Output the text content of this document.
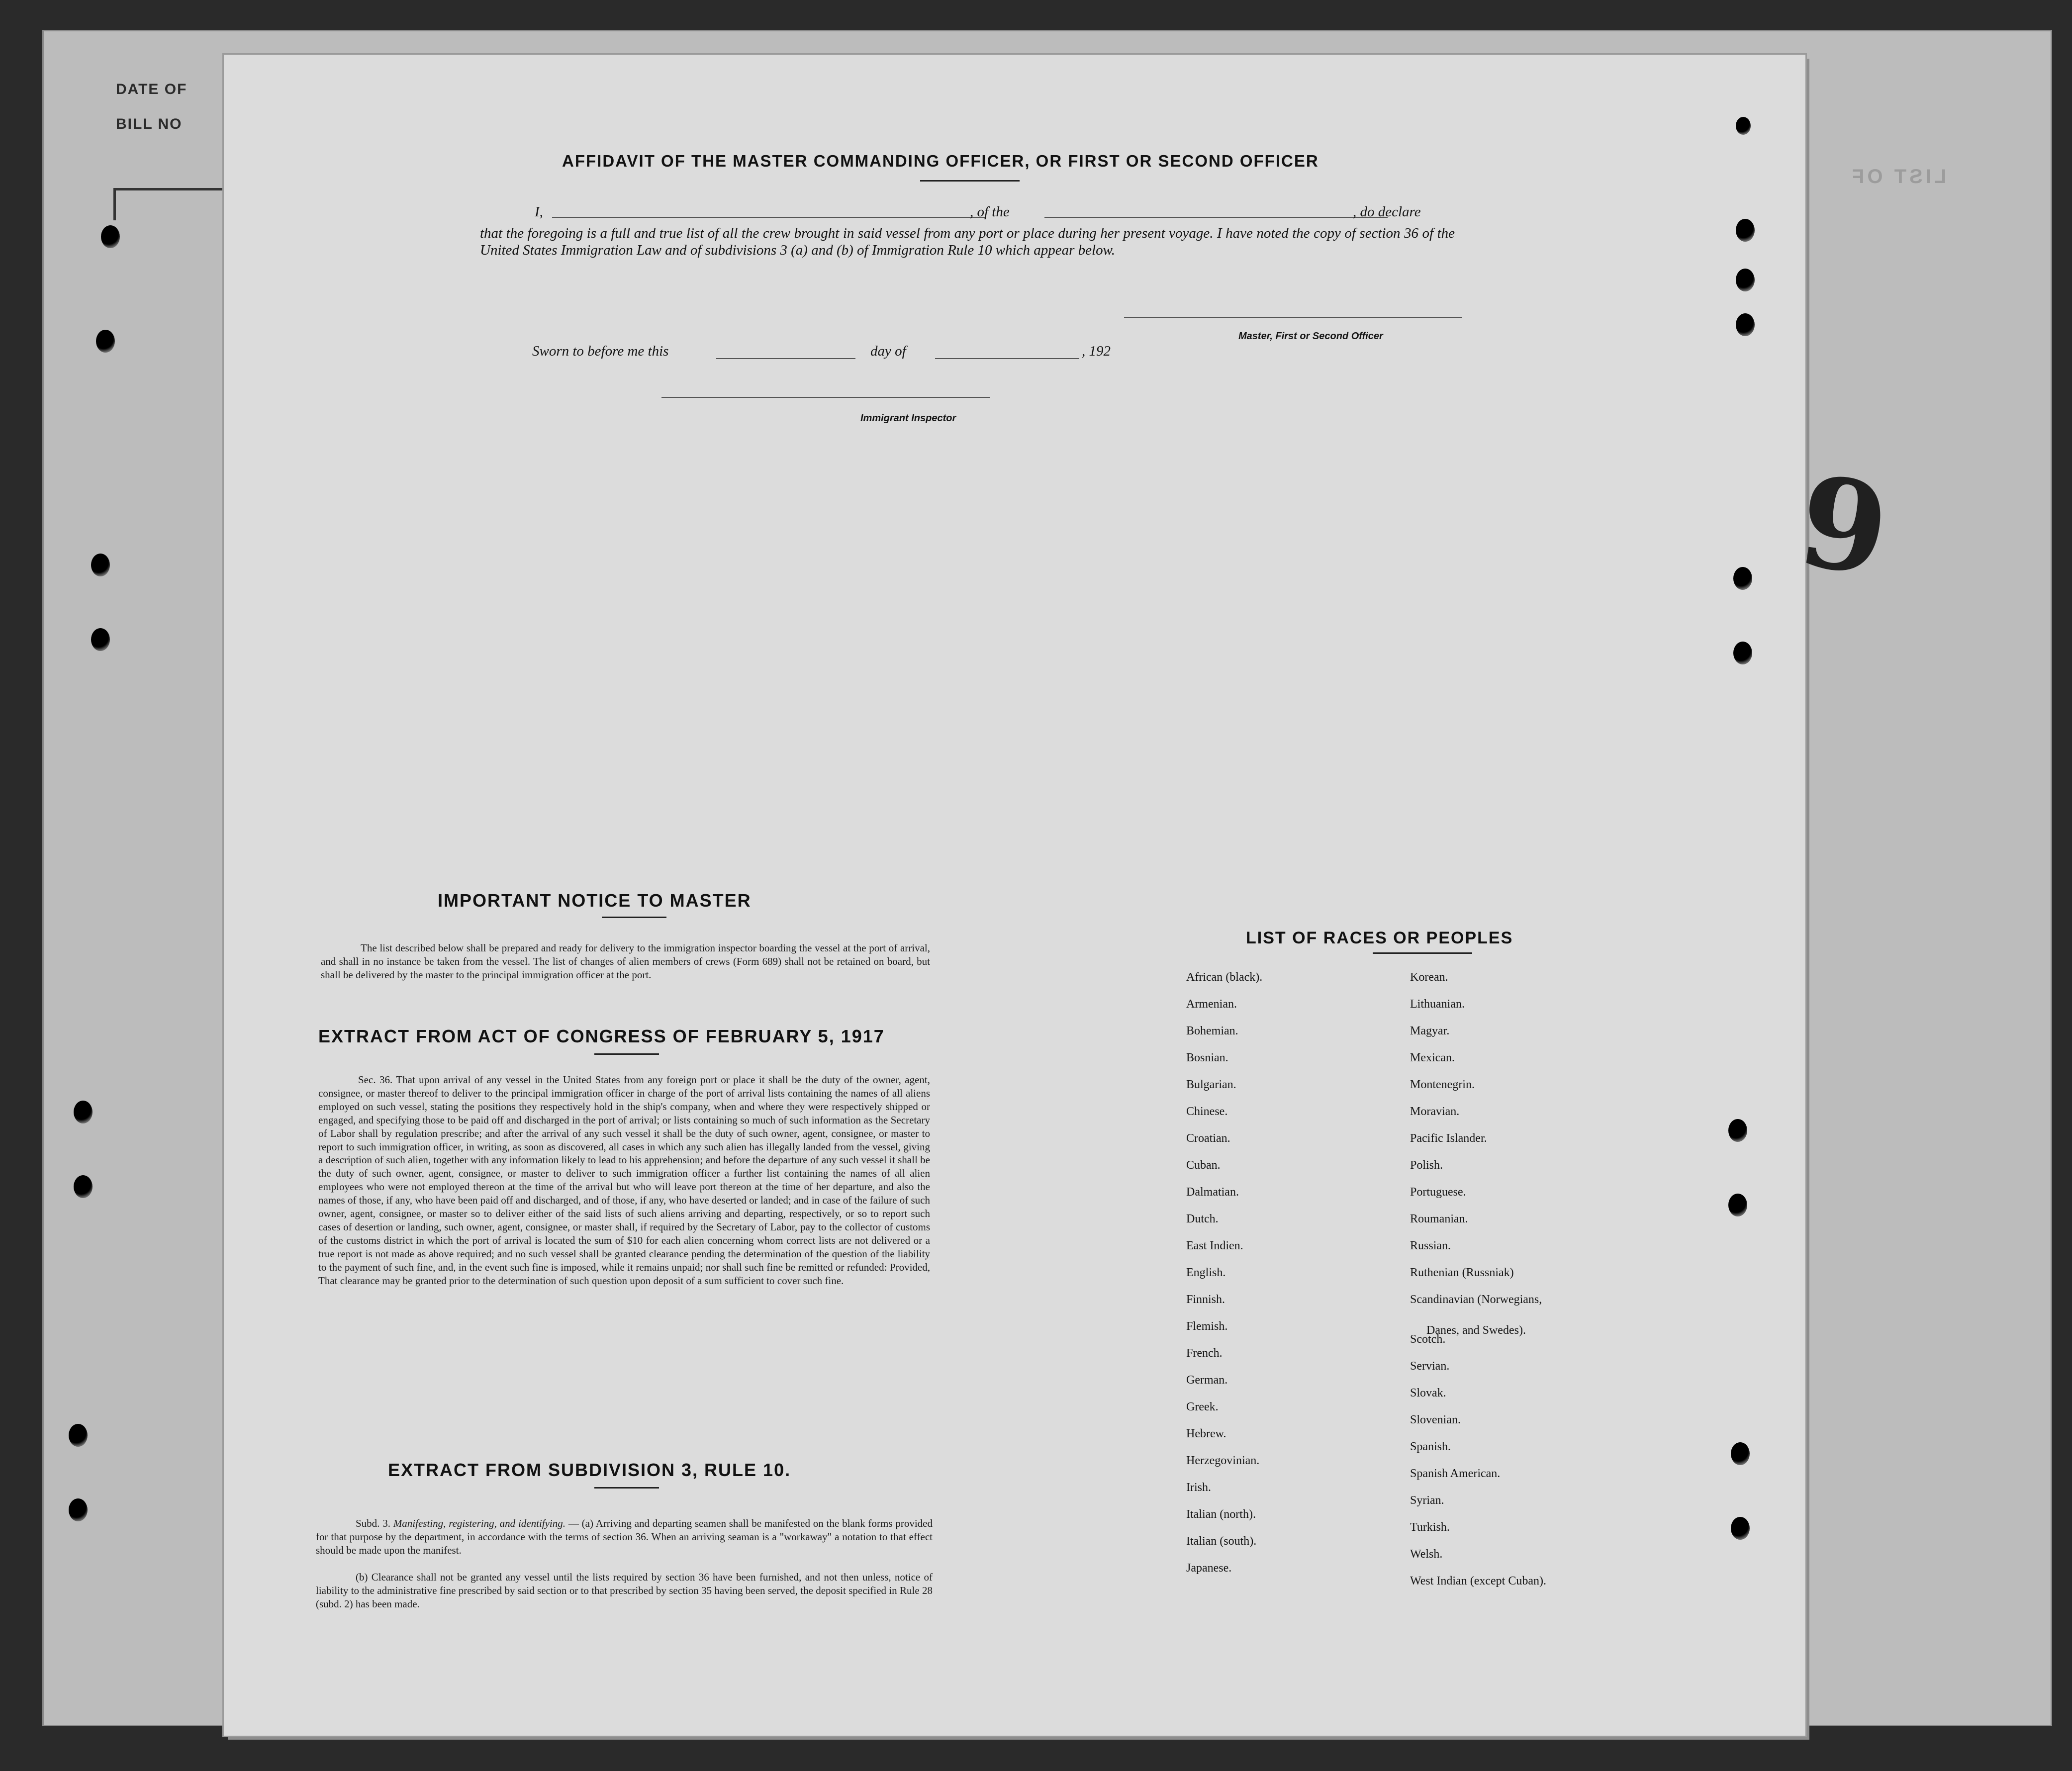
DATE OF
BILL NO
LIST OF
AFFIDAVIT OF THE MASTER COMMANDING OFFICER, OR FIRST OR SECOND OFFICER
I,	, of the	, do declare
that the foregoing is a full and true list of all the crew brought in said vessel from any port or place during her present voyage. I have noted the copy of section 36 of the United States Immigration Law and of subdivisions 3 (a) and (b) of Immigration Rule 10 which appear below.
Master, First or Second Officer
Sworn to before me this	day of	, 192
Immigrant Inspector
9
IMPORTANT NOTICE TO MASTER
The list described below shall be prepared and ready for delivery to the immigration inspector boarding the vessel at the port of arrival, and shall in no instance be taken from the vessel. The list of changes of alien members of crews (Form 689) shall not be retained on board, but shall be delivered by the master to the principal immigration officer at the port.
EXTRACT FROM ACT OF CONGRESS OF FEBRUARY 5, 1917
Sec. 36. That upon arrival of any vessel in the United States from any foreign port or place it shall be the duty of the owner, agent, consignee, or master thereof to deliver to the principal immigration officer in charge of the port of arrival lists containing the names of all aliens employed on such vessel, stating the positions they respectively hold in the ship's company, when and where they were respectively shipped or engaged, and specifying those to be paid off and discharged in the port of arrival; or lists containing so much of such information as the Secretary of Labor shall by regulation prescribe; and after the arrival of any such vessel it shall be the duty of such owner, agent, consignee, or master to report to such immigration officer, in writing, as soon as discovered, all cases in which any such alien has illegally landed from the vessel, giving a description of such alien, together with any information likely to lead to his apprehension; and before the departure of any such vessel it shall be the duty of such owner, agent, consignee, or master to deliver to such immigration officer a further list containing the names of all alien employees who were not employed thereon at the time of the arrival but who will leave port thereon at the time of her departure, and also the names of those, if any, who have been paid off and discharged, and of those, if any, who have deserted or landed; and in case of the failure of such owner, agent, consignee, or master so to deliver either of the said lists of such aliens arriving and departing, respectively, or so to report such cases of desertion or landing, such owner, agent, consignee, or master shall, if required by the Secretary of Labor, pay to the collector of customs of the customs district in which the port of arrival is located the sum of $10 for each alien concerning whom correct lists are not delivered or a true report is not made as above required; and no such vessel shall be granted clearance pending the determination of the question of the liability to the payment of such fine, and, in the event such fine is imposed, while it remains unpaid; nor shall such fine be remitted or refunded: Provided, That clearance may be granted prior to the determination of such question upon deposit of a sum sufficient to cover such fine.
EXTRACT FROM SUBDIVISION 3, RULE 10.
Subd. 3. Manifesting, registering, and identifying. — (a) Arriving and departing seamen shall be manifested on the blank forms provided for that purpose by the department, in accordance with the terms of section 36. When an arriving seaman is a "workaway" a notation to that effect should be made upon the manifest.
(b) Clearance shall not be granted any vessel until the lists required by section 36 have been furnished, and not then unless, notice of liability to the administrative fine prescribed by said section or to that prescribed by section 35 having been served, the deposit specified in Rule 28 (subd. 2) has been made.
LIST OF RACES OR PEOPLES
African (black).
Armenian.
Bohemian.
Bosnian.
Bulgarian.
Chinese.
Croatian.
Cuban.
Dalmatian.
Dutch.
East Indien.
English.
Finnish.
Flemish.
French.
German.
Greek.
Hebrew.
Herzegovinian.
Irish.
Italian (north).
Italian (south).
Japanese.
Korean.
Lithuanian.
Magyar.
Mexican.
Montenegrin.
Moravian.
Pacific Islander.
Polish.
Portuguese.
Roumanian.
Russian.
Ruthenian (Russniak)
Scandinavian (Norwegians,
Scotch.
Servian.
Slovak.
Slovenian.
Spanish.
Spanish American.
Syrian.
Turkish.
Welsh.
West Indian (except Cuban).
Danes, and Swedes).
